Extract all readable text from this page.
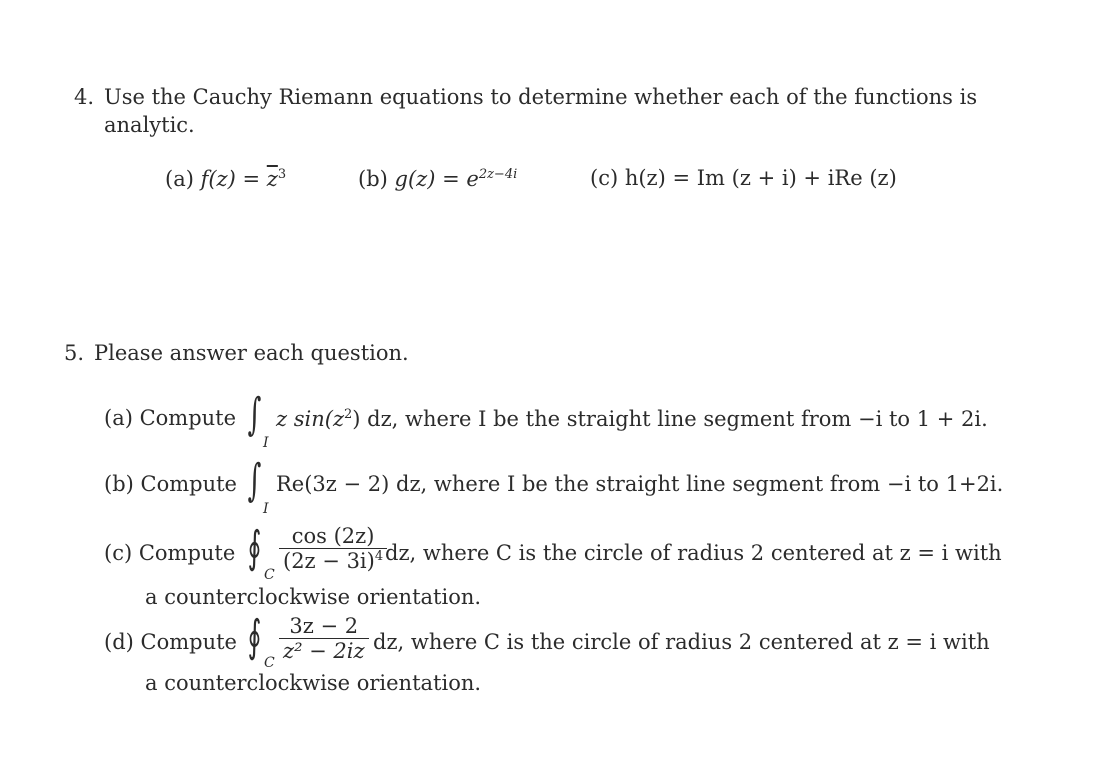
4. Use the Cauchy Riemann equations to determine whether each of the functions is
analytic.
(a) $f(z) = \overline{z}^3$	(b) $g(z) = e^{2z-4i}$	(c) h(z) = Im (z + i) + iRe (z)
5. Please answer each question.
(a) Compute ∫
I
z $\sin(z^2)$ dz, where I be the straight line segment from −i to 1 + 2i.
(b) Compute ∫
I
Re(3z − 2) dz, where I be the straight line segment from −i to 1+2i.
(c) Compute ∮
C
$\frac{\cos (2z)}{(2z - 3i)^4}$
dz, where C is the circle of radius 2 centered at z = i with
a counterclockwise orientation.
(d) Compute ∮
C $\frac{3z - 2}{\text{z² − 2iz}}$ dz, where C is the circle of radius 2 centered at z = i with
a counterclockwise orientation.
